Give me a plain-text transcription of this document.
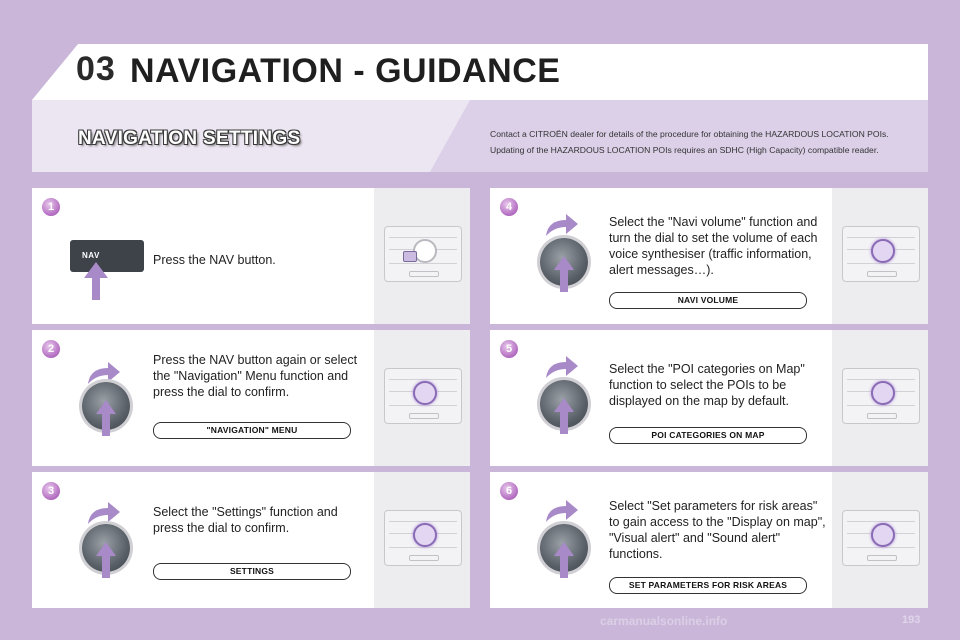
03 NAVIGATION - GUIDANCE
NAVIGATION SETTINGS	Contact a CITROËN dealer for details of the procedure for obtaining the HAZARDOUS LOCATION POIs.
Updating of the HAZARDOUS LOCATION POIs requires an SDHC (High Capacity) compatible reader.
1
NAV	Press the NAV button.
2
Press the NAV button again or select the "Navigation" Menu function and press the dial to confirm.
"NAVIGATION" MENU
3
Select the "Settings" function and press the dial to confirm.
SETTINGS
4
Select the "Navi volume" function and turn the dial to set the volume of each voice synthesiser (traffic information, alert messages…).
NAVI VOLUME
5
Select the "POI categories on Map" function to select the POIs to be displayed on the map by default.
POI CATEGORIES ON MAP
6
Select "Set parameters for risk areas" to gain access to the "Display on map", "Visual alert" and "Sound alert" functions.
SET PARAMETERS FOR RISK AREAS
carmanualsonline.info	193
